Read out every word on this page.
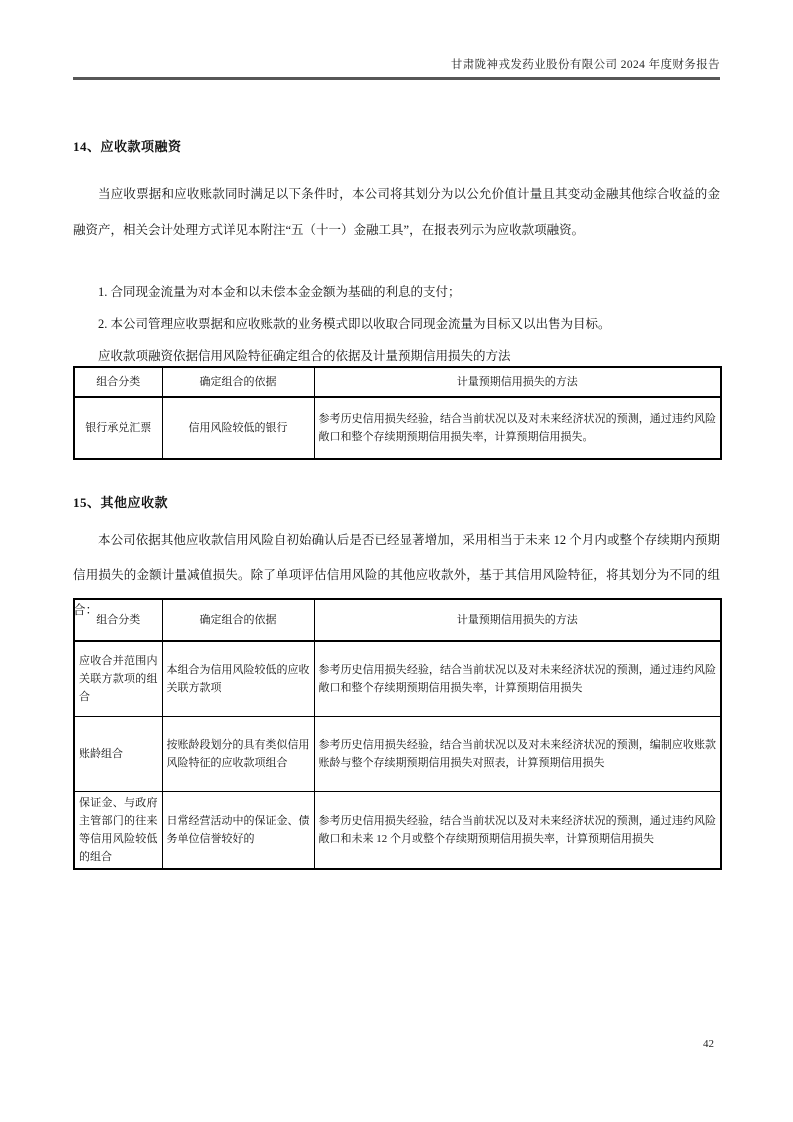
甘肃陇神戎发药业股份有限公司 2024 年度财务报告
14、应收款项融资
当应收票据和应收账款同时满足以下条件时，本公司将其划分为以公允价值计量且其变动金融其他综合收益的金融资产，相关会计处理方式详见本附注“五（十一）金融工具”，在报表列示为应收款项融资。
1. 合同现金流量为对本金和以未偿本金金额为基础的利息的支付；
2. 本公司管理应收票据和应收账款的业务模式即以收取合同现金流量为目标又以出售为目标。
应收款项融资依据信用风险特征确定组合的依据及计量预期信用损失的方法
组合分类	确定组合的依据	计量预期信用损失的方法
银行承兑汇票	信用风险较低的银行	参考历史信用损失经验，结合当前状况以及对未来经济状况的预测，通过违约风险敞口和整个存续期预期信用损失率，计算预期信用损失。
15、其他应收款
本公司依据其他应收款信用风险自初始确认后是否已经显著增加，采用相当于未来 12 个月内或整个存续期内预期信用损失的金额计量减值损失。除了单项评估信用风险的其他应收款外，基于其信用风险特征，将其划分为不同的组合：
组合分类	确定组合的依据	计量预期信用损失的方法
应收合并范围内关联方款项的组合	本组合为信用风险较低的应收关联方款项	参考历史信用损失经验，结合当前状况以及对未来经济状况的预测，通过违约风险敞口和整个存续期预期信用损失率，计算预期信用损失
账龄组合	按账龄段划分的具有类似信用风险特征的应收款项组合	参考历史信用损失经验，结合当前状况以及对未来经济状况的预测，编制应收账款账龄与整个存续期预期信用损失对照表，计算预期信用损失
保证金、与政府主管部门的往来等信用风险较低的组合	日常经营活动中的保证金、债务单位信誉较好的	参考历史信用损失经验，结合当前状况以及对未来经济状况的预测，通过违约风险敞口和未来 12 个月或整个存续期预期信用损失率，计算预期信用损失
42
